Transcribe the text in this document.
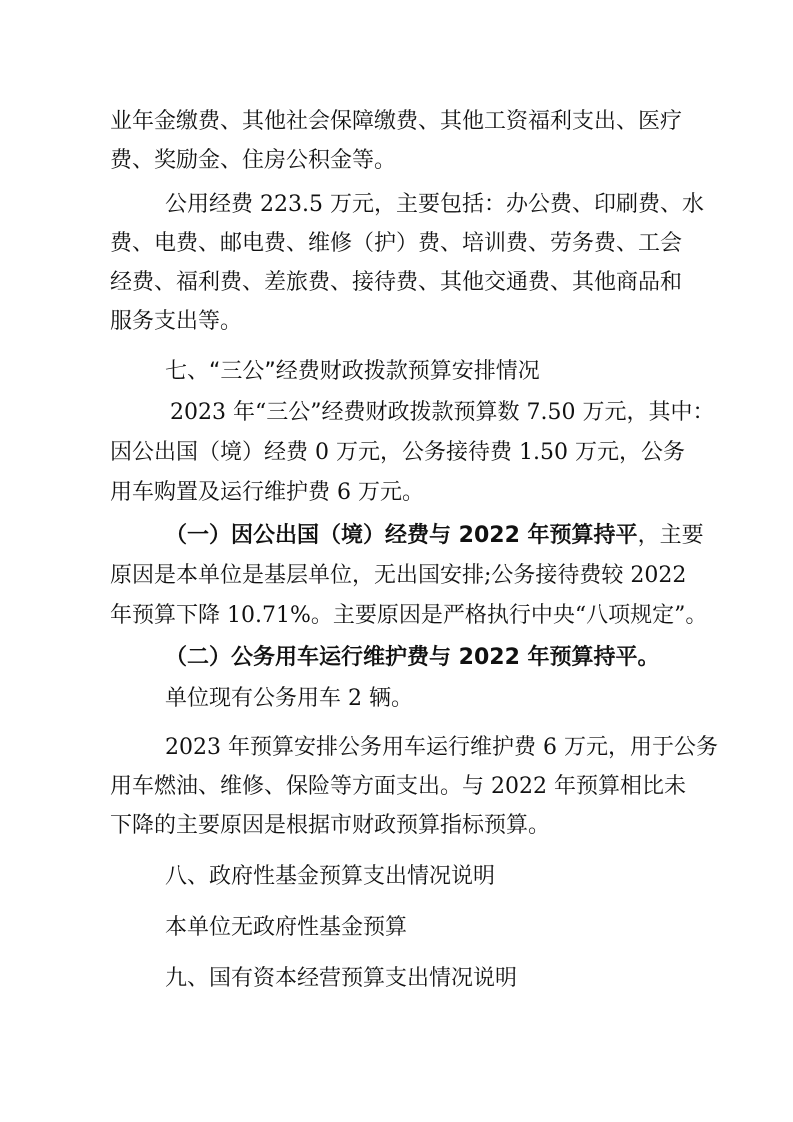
业年金缴费、其他社会保障缴费、其他工资福利支出、医疗
费、奖励金、住房公积金等。
公用经费 223.5 万元，主要包括：办公费、印刷费、水
费、电费、邮电费、维修（护）费、培训费、劳务费、工会
经费、福利费、差旅费、接待费、其他交通费、其他商品和
服务支出等。
七、“三公”经费财政拨款预算安排情况
2023 年“三公”经费财政拨款预算数 7.50 万元，其中：
因公出国（境）经费 0 万元，公务接待费 1.50 万元，公务
用车购置及运行维护费 6 万元。
（一）因公出国（境）经费与 2022 年预算持平，主要
原因是本单位是基层单位，无出国安排;公务接待费较 2022
年预算下降 10.71%。主要原因是严格执行中央“八项规定”。
（二）公务用车运行维护费与 2022 年预算持平。
单位现有公务用车 2 辆。
2023 年预算安排公务用车运行维护费 6 万元，用于公务
用车燃油、维修、保险等方面支出。与 2022 年预算相比未
下降的主要原因是根据市财政预算指标预算。
八、政府性基金预算支出情况说明
本单位无政府性基金预算
九、国有资本经营预算支出情况说明
